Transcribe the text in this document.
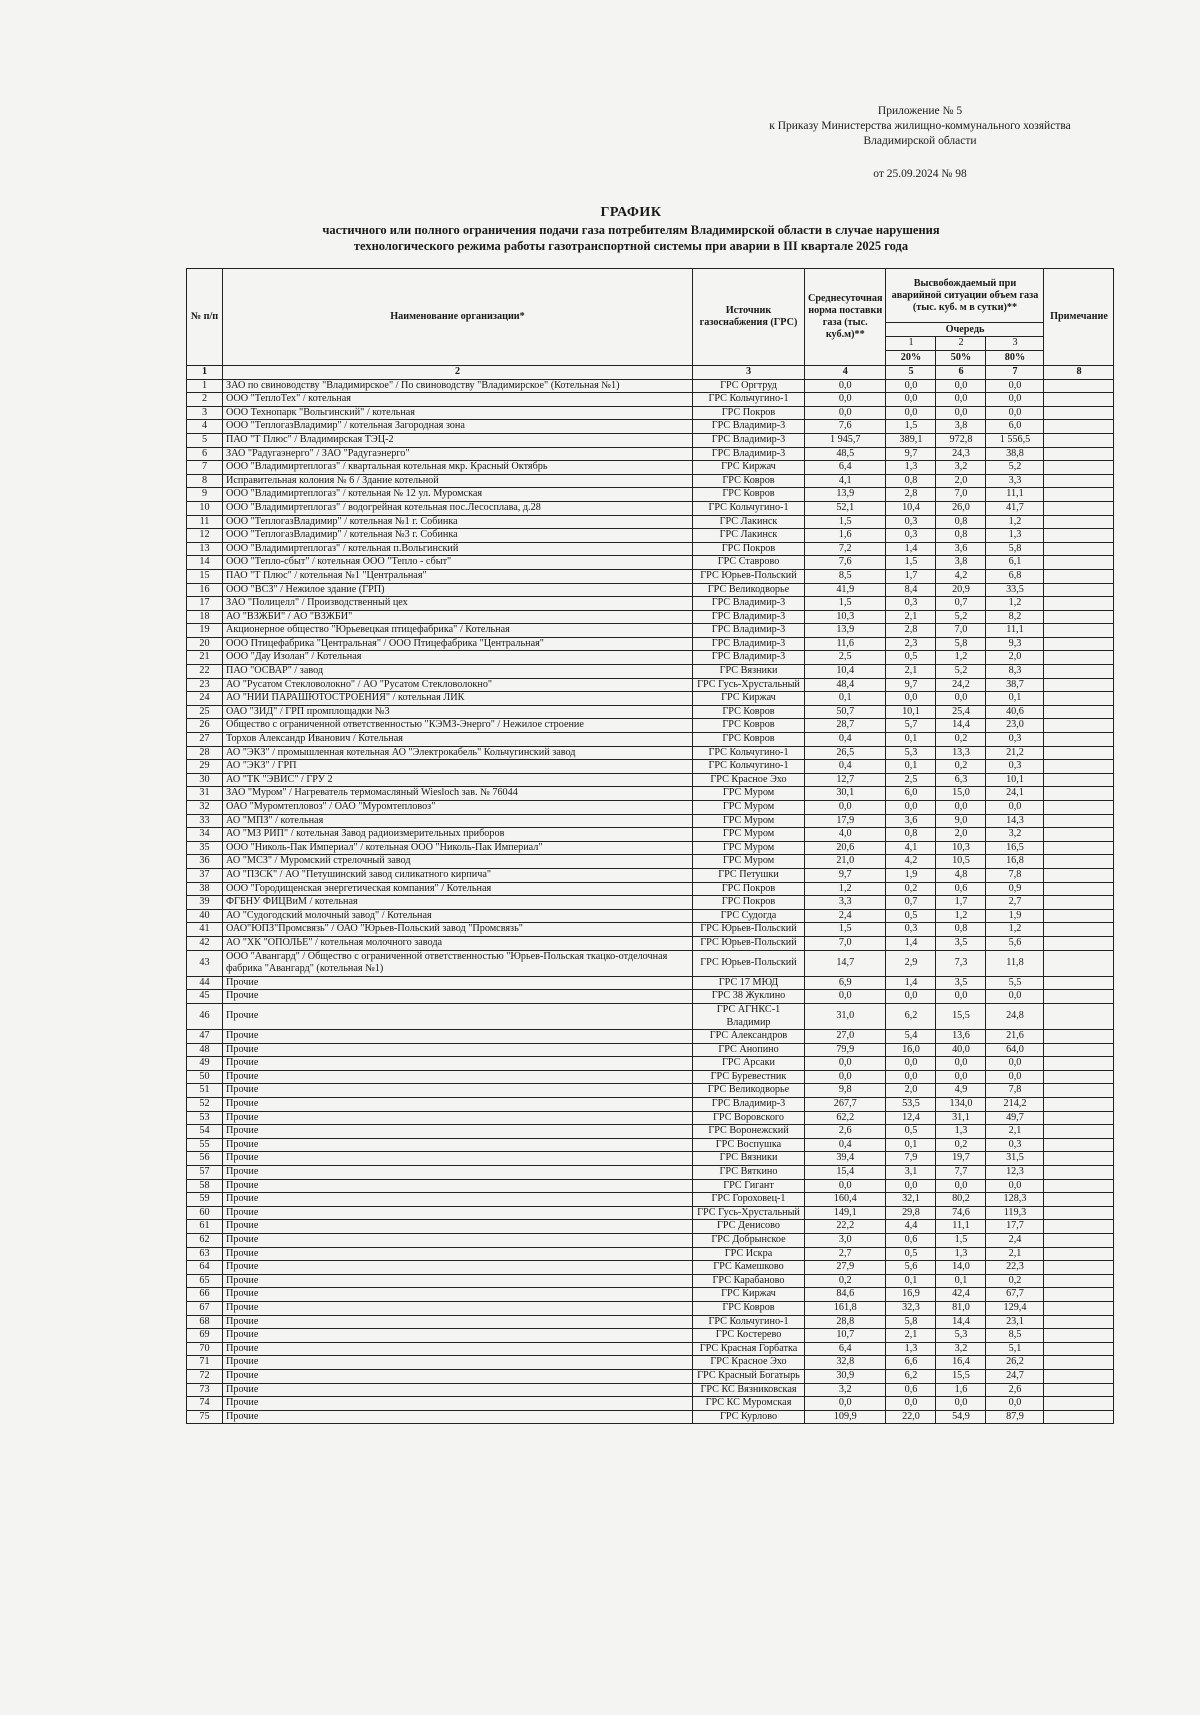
Приложение № 5
к Приказу Министерства жилищно-коммунального хозяйства
Владимирской области
от 25.09.2024 № 98
ГРАФИК
частичного или полного ограничения подачи газа потребителям Владимирской области в случае нарушения
технологического режима работы газотранспортной системы при аварии в III квартале 2025 года
№ п/п	Наименование организации*	Источник газоснабжения (ГРС)	Среднесуточная норма поставки газа (тыс. куб.м)**	Высвобождаемый при аварийной ситуации объем газа (тыс. куб. м в сутки)**			Примечание
				Очередь			
				1	2	3	
				20%	50%	80%	
1	2	3	4	5	6	7	8
1	ЗАО по свиноводству "Владимирское" / По свиноводству "Владимирское" (Котельная №1)	ГРС Оргтруд	0,0	0,0	0,0	0,0	
2	ООО "ТеплоТех" / котельная	ГРС Кольчугино-1	0,0	0,0	0,0	0,0	
3	ООО Технопарк "Вольгинский" / котельная	ГРС Покров	0,0	0,0	0,0	0,0	
4	ООО "ТеплогазВладимир" / котельная Загородная зона	ГРС Владимир-3	7,6	1,5	3,8	6,0	
5	ПАО "Т Плюс" / Владимирская ТЭЦ-2	ГРС Владимир-3	1 945,7	389,1	972,8	1 556,5	
6	ЗАО "Радугаэнерго" / ЗАО "Радугаэнерго"	ГРС Владимир-3	48,5	9,7	24,3	38,8	
7	ООО "Владимиртеплогаз" / квартальная котельная мкр. Красный Октябрь	ГРС Киржач	6,4	1,3	3,2	5,2	
8	Исправительная колония № 6 / Здание котельной	ГРС Ковров	4,1	0,8	2,0	3,3	
9	ООО "Владимиртеплогаз" / котельная № 12 ул. Муромская	ГРС Ковров	13,9	2,8	7,0	11,1	
10	ООО "Владимиртеплогаз" / водогрейная котельная пос.Лесосплава, д.28	ГРС Кольчугино-1	52,1	10,4	26,0	41,7	
11	ООО "ТеплогазВладимир" / котельная №1 г. Собинка	ГРС Лакинск	1,5	0,3	0,8	1,2	
12	ООО "ТеплогазВладимир" / котельная №3 г. Собинка	ГРС Лакинск	1,6	0,3	0,8	1,3	
13	ООО "Владимиртеплогаз" / котельная п.Вольгинский	ГРС Покров	7,2	1,4	3,6	5,8	
14	ООО "Тепло-сбыт" / котельная ООО "Тепло - сбыт"	ГРС Ставрово	7,6	1,5	3,8	6,1	
15	ПАО "Т Плюс" / котельная №1 "Центральная"	ГРС Юрьев-Польский	8,5	1,7	4,2	6,8	
16	ООО "ВСЗ" / Нежилое здание (ГРП)	ГРС Великодворье	41,9	8,4	20,9	33,5	
17	ЗАО "Полицелл" / Производственный цех	ГРС Владимир-3	1,5	0,3	0,7	1,2	
18	АО "ВЗЖБИ" / АО "ВЗЖБИ"	ГРС Владимир-3	10,3	2,1	5,2	8,2	
19	Акционерное общество "Юрьевецкая птицефабрика" / Котельная	ГРС Владимир-3	13,9	2,8	7,0	11,1	
20	ООО Птицефабрика "Центральная" / ООО Птицефабрика "Центральная"	ГРС Владимир-3	11,6	2,3	5,8	9,3	
21	ООО "Дау Изолан" / Котельная	ГРС Владимир-3	2,5	0,5	1,2	2,0	
22	ПАО "ОСВАР" / завод	ГРС Вязники	10,4	2,1	5,2	8,3	
23	АО "Русатом Стекловолокно" / АО "Русатом Стекловолокно"	ГРС Гусь-Хрустальный	48,4	9,7	24,2	38,7	
24	АО "НИИ ПАРАШЮТОСТРОЕНИЯ" / котельная ЛИК	ГРС Киржач	0,1	0,0	0,0	0,1	
25	ОАО "ЗИД" / ГРП промплощадки №3	ГРС Ковров	50,7	10,1	25,4	40,6	
26	Общество с ограниченной ответственностью "КЭМЗ-Энерго" / Нежилое строение	ГРС Ковров	28,7	5,7	14,4	23,0	
27	Торхов Александр Иванович / Котельная	ГРС Ковров	0,4	0,1	0,2	0,3	
28	АО "ЭКЗ" / промышленная котельная АО "Электрокабель" Кольчугинский завод	ГРС Кольчугино-1	26,5	5,3	13,3	21,2	
29	АО "ЭКЗ" / ГРП	ГРС Кольчугино-1	0,4	0,1	0,2	0,3	
30	АО "ТК "ЭВИС" / ГРУ 2	ГРС Красное Эхо	12,7	2,5	6,3	10,1	
31	ЗАО "Муром" / Нагреватель термомасляный Wiesloch зав. № 76044	ГРС Муром	30,1	6,0	15,0	24,1	
32	ОАО "Муромтепловоз" / ОАО "Муромтепловоз"	ГРС Муром	0,0	0,0	0,0	0,0	
33	АО "МПЗ" / котельная	ГРС Муром	17,9	3,6	9,0	14,3	
34	АО "МЗ РИП" / котельная Завод радиоизмерительных приборов	ГРС Муром	4,0	0,8	2,0	3,2	
35	ООО "Николь-Пак Империал" / котельная ООО "Николь-Пак Империал"	ГРС Муром	20,6	4,1	10,3	16,5	
36	АО "МСЗ" / Муромский стрелочный завод	ГРС Муром	21,0	4,2	10,5	16,8	
37	АО "ПЗСК" / АО "Петушинский завод силикатного кирпича"	ГРС Петушки	9,7	1,9	4,8	7,8	
38	ООО "Городищенская энергетическая компания" / Котельная	ГРС Покров	1,2	0,2	0,6	0,9	
39	ФГБНУ ФИЦВиМ / котельная	ГРС Покров	3,3	0,7	1,7	2,7	
40	АО "Судогодский молочный завод" / Котельная	ГРС Судогда	2,4	0,5	1,2	1,9	
41	ОАО"ЮПЗ"Промсвязь" / ОАО "Юрьев-Польский завод "Промсвязь"	ГРС Юрьев-Польский	1,5	0,3	0,8	1,2	
42	АО "ХК "ОПОЛЬЕ" / котельная молочного завода	ГРС Юрьев-Польский	7,0	1,4	3,5	5,6	
43	ООО "Авангард" / Общество с ограниченной ответственностью "Юрьев-Польская ткацко-отделочная фабрика "Авангард" (котельная №1)	ГРС Юрьев-Польский	14,7	2,9	7,3	11,8	
44	Прочие	ГРС 17 МЮД	6,9	1,4	3,5	5,5	
45	Прочие	ГРС 38 Жуклино	0,0	0,0	0,0	0,0	
46	Прочие	ГРС АГНКС-1 Владимир	31,0	6,2	15,5	24,8	
47	Прочие	ГРС Александров	27,0	5,4	13,6	21,6	
48	Прочие	ГРС Анопино	79,9	16,0	40,0	64,0	
49	Прочие	ГРС Арсаки	0,0	0,0	0,0	0,0	
50	Прочие	ГРС Буревестник	0,0	0,0	0,0	0,0	
51	Прочие	ГРС Великодворье	9,8	2,0	4,9	7,8	
52	Прочие	ГРС Владимир-3	267,7	53,5	134,0	214,2	
53	Прочие	ГРС Воровского	62,2	12,4	31,1	49,7	
54	Прочие	ГРС Воронежский	2,6	0,5	1,3	2,1	
55	Прочие	ГРС Воспушка	0,4	0,1	0,2	0,3	
56	Прочие	ГРС Вязники	39,4	7,9	19,7	31,5	
57	Прочие	ГРС Вяткино	15,4	3,1	7,7	12,3	
58	Прочие	ГРС Гигант	0,0	0,0	0,0	0,0	
59	Прочие	ГРС Гороховец-1	160,4	32,1	80,2	128,3	
60	Прочие	ГРС Гусь-Хрустальный	149,1	29,8	74,6	119,3	
61	Прочие	ГРС Денисово	22,2	4,4	11,1	17,7	
62	Прочие	ГРС Добрынское	3,0	0,6	1,5	2,4	
63	Прочие	ГРС Искра	2,7	0,5	1,3	2,1	
64	Прочие	ГРС Камешково	27,9	5,6	14,0	22,3	
65	Прочие	ГРС Карабаново	0,2	0,1	0,1	0,2	
66	Прочие	ГРС Киржач	84,6	16,9	42,4	67,7	
67	Прочие	ГРС Ковров	161,8	32,3	81,0	129,4	
68	Прочие	ГРС Кольчугино-1	28,8	5,8	14,4	23,1	
69	Прочие	ГРС Костерево	10,7	2,1	5,3	8,5	
70	Прочие	ГРС Красная Горбатка	6,4	1,3	3,2	5,1	
71	Прочие	ГРС Красное Эхо	32,8	6,6	16,4	26,2	
72	Прочие	ГРС Красный Богатырь	30,9	6,2	15,5	24,7	
73	Прочие	ГРС КС Вязниковская	3,2	0,6	1,6	2,6	
74	Прочие	ГРС КС Муромская	0,0	0,0	0,0	0,0	
75	Прочие	ГРС Курлово	109,9	22,0	54,9	87,9	
